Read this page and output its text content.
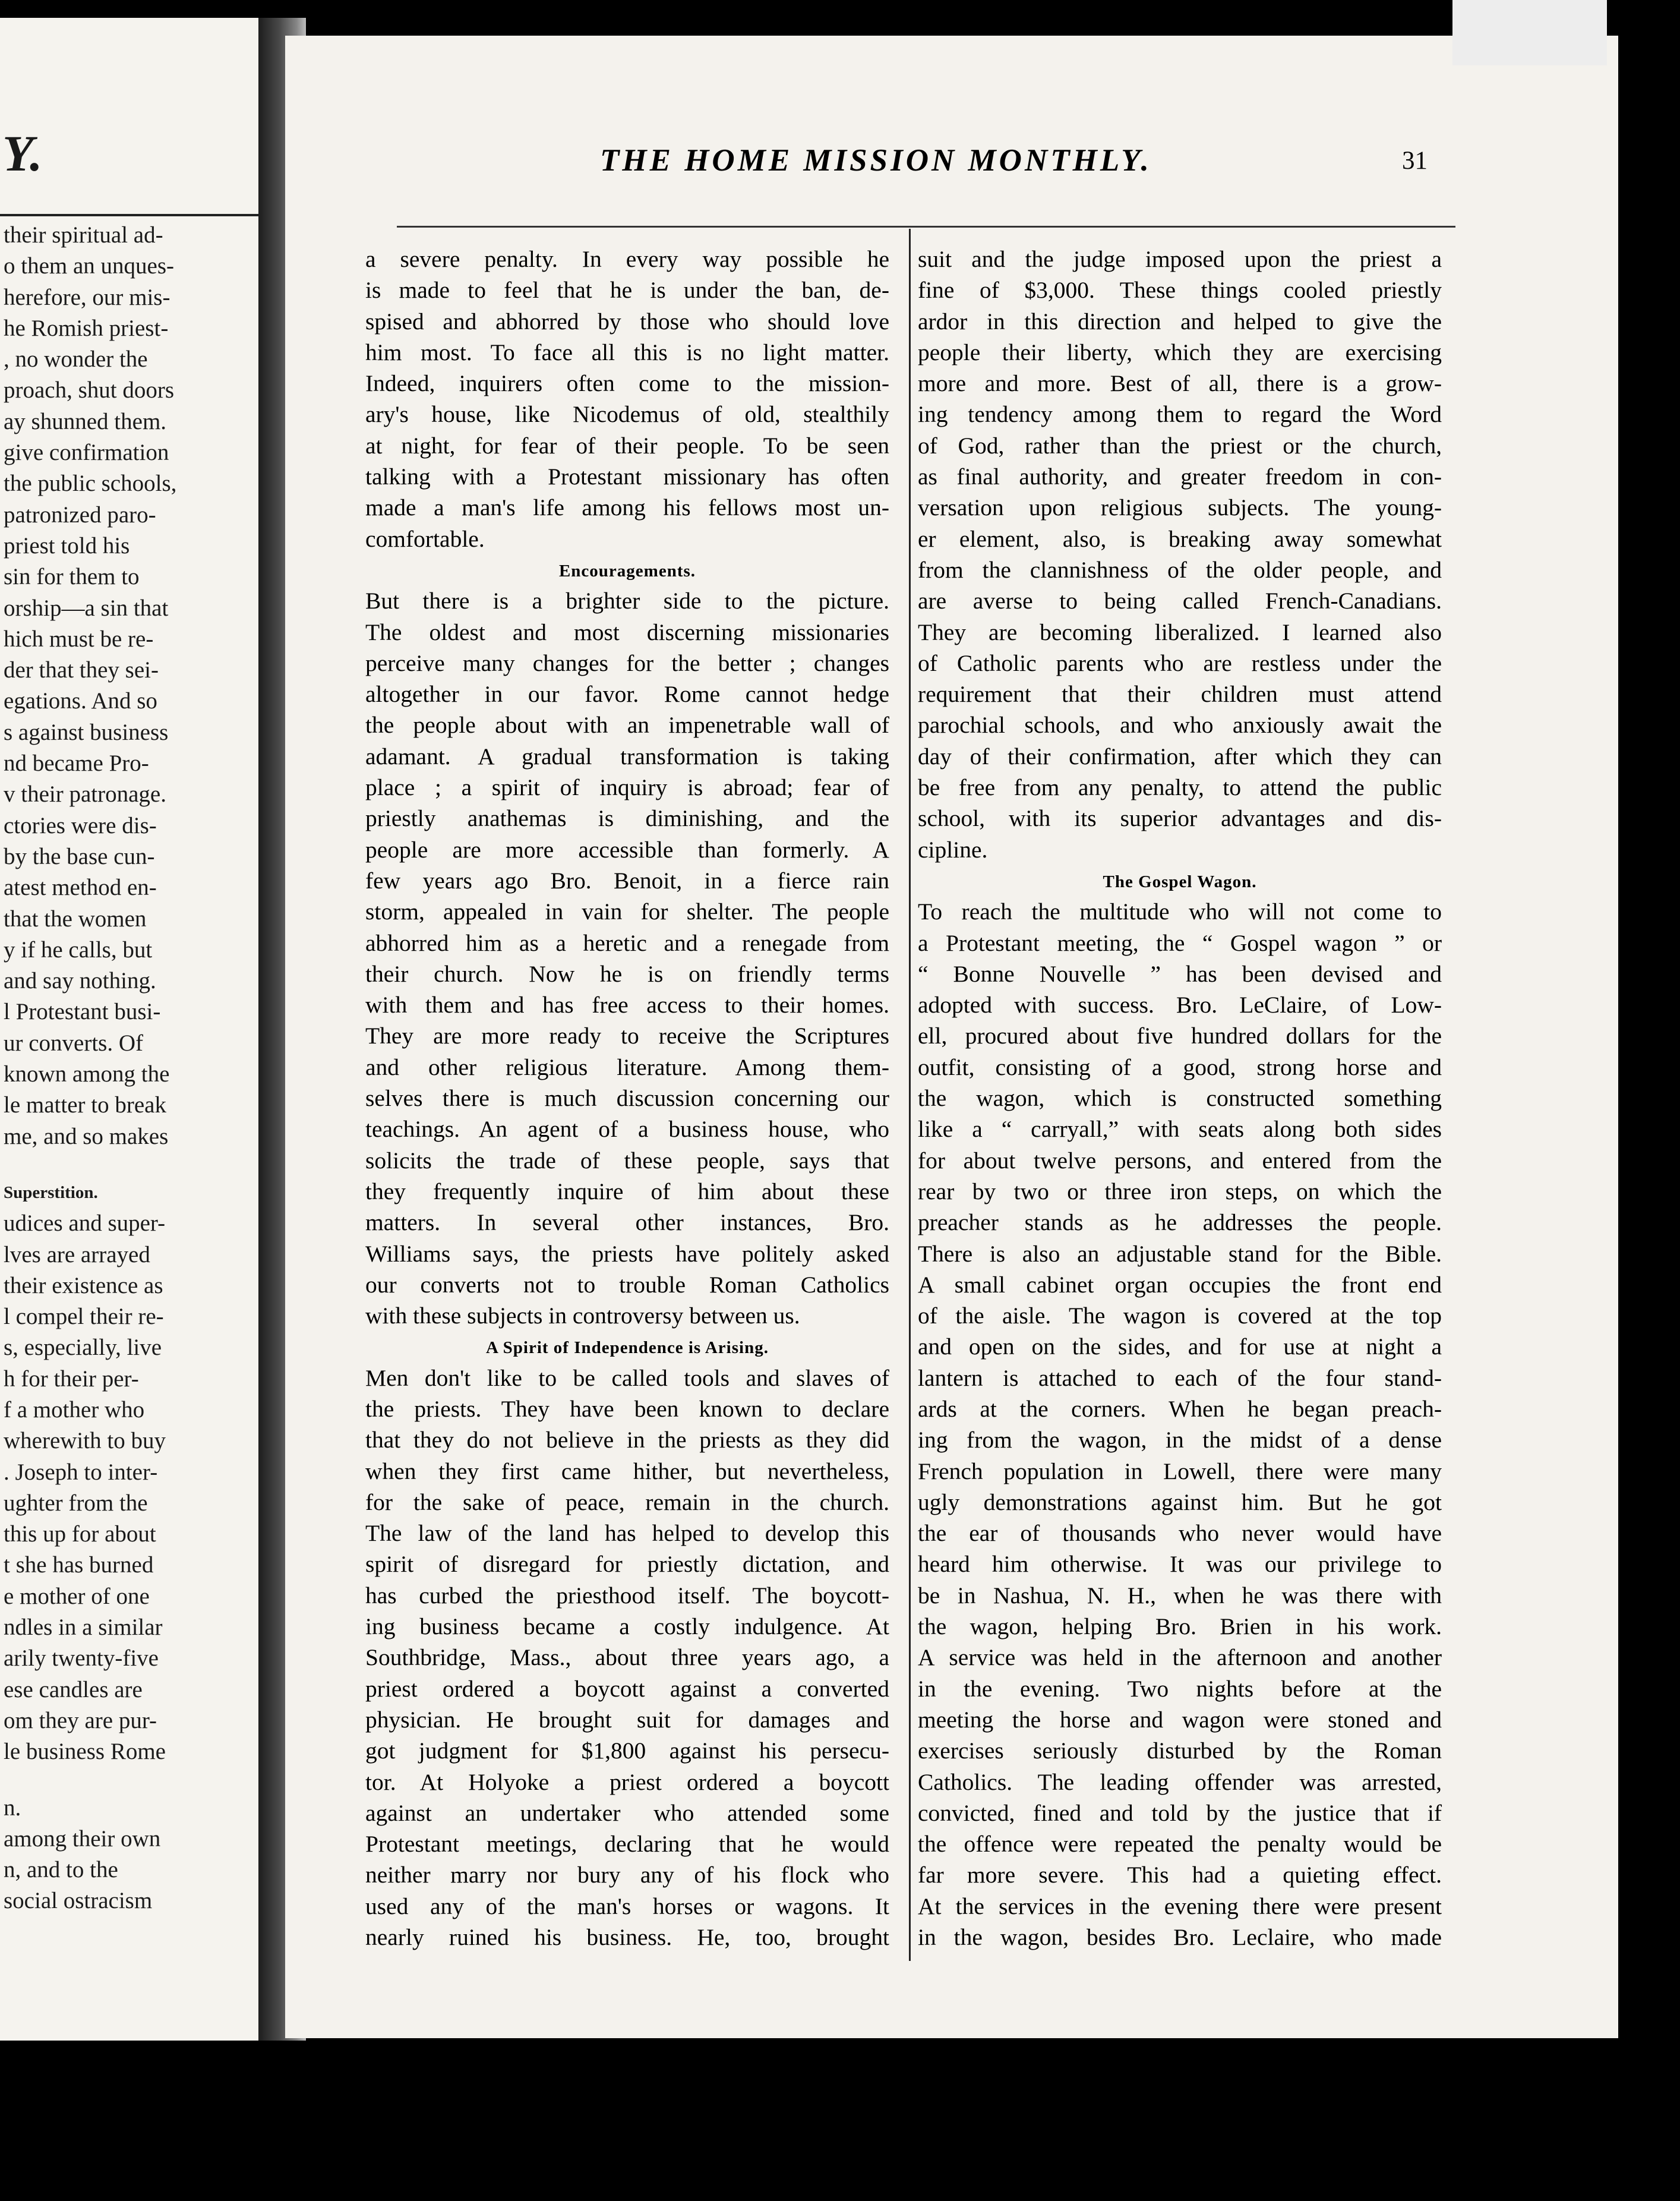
Y.
their spiritual ad-
o them an unques-
herefore, our mis-
he Romish priest-
, no wonder the
proach, shut doors
ay shunned them.
give confirmation
the public schools,
patronized paro-
priest told his
sin for them to
orship—a sin that
hich must be re-
der that they sei-
egations. And so
s against business
nd became Pro-
v their patronage.
ctories were dis-
by the base cun-
atest method en-
that the women
y if he calls, but
and say nothing.
l Protestant busi-
ur converts. Of
known among the
le matter to break
me, and so makes
Superstition.
udices and super-
lves are arrayed
their existence as
l compel their re-
s, especially, live
h for their per-
f a mother who
wherewith to buy
. Joseph to inter-
ughter from the
this up for about
t she has burned
e mother of one
ndles in a similar
arily twenty-five
ese candles are
om they are pur-
le business Rome
n.
among their own
n, and to the
social ostracism
THE HOME MISSION MONTHLY.	31

a severe penalty. In every way possible he

is made to feel that he is under the ban, de-

spised and abhorred by those who should love

him most. To face all this is no light matter.

Indeed, inquirers often come to the mission-

ary's house, like Nicodemus of old, stealthily

at night, for fear of their people. To be seen

talking with a Protestant missionary has often

made a man's life among his fellows most un-

comfortable.

Encouragements.

But there is a brighter side to the picture.

The oldest and most discerning missionaries

perceive many changes for the better ; changes

altogether in our favor. Rome cannot hedge

the people about with an impenetrable wall of

adamant. A gradual transformation is taking

place ; a spirit of inquiry is abroad; fear of

priestly anathemas is diminishing, and the

people are more accessible than formerly. A

few years ago Bro. Benoit, in a fierce rain

storm, appealed in vain for shelter. The people

abhorred him as a heretic and a renegade from

their church. Now he is on friendly terms

with them and has free access to their homes.

They are more ready to receive the Scriptures

and other religious literature. Among them-

selves there is much discussion concerning our

teachings. An agent of a business house, who

solicits the trade of these people, says that

they frequently inquire of him about these

matters. In several other instances, Bro.

Williams says, the priests have politely asked

our converts not to trouble Roman Catholics

with these subjects in controversy between us.

A Spirit of Independence is Arising.

Men don't like to be called tools and slaves of

the priests. They have been known to declare

that they do not believe in the priests as they did

when they first came hither, but nevertheless,

for the sake of peace, remain in the church.

The law of the land has helped to develop this

spirit of disregard for priestly dictation, and

has curbed the priesthood itself. The boycott-

ing business became a costly indulgence. At

Southbridge, Mass., about three years ago, a

priest ordered a boycott against a converted

physician. He brought suit for damages and

got judgment for $1,800 against his persecu-

tor. At Holyoke a priest ordered a boycott

against an undertaker who attended some

Protestant meetings, declaring that he would

neither marry nor bury any of his flock who

used any of the man's horses or wagons. It

nearly ruined his business. He, too, brought

suit and the judge imposed upon the priest a

fine of $3,000. These things cooled priestly

ardor in this direction and helped to give the

people their liberty, which they are exercising

more and more. Best of all, there is a grow-

ing tendency among them to regard the Word

of God, rather than the priest or the church,

as final authority, and greater freedom in con-

versation upon religious subjects. The young-

er element, also, is breaking away somewhat

from the clannishness of the older people, and

are averse to being called French-Canadians.

They are becoming liberalized. I learned also

of Catholic parents who are restless under the

requirement that their children must attend

parochial schools, and who anxiously await the

day of their confirmation, after which they can

be free from any penalty, to attend the public

school, with its superior advantages and dis-

cipline.

The Gospel Wagon.

To reach the multitude who will not come to

a Protestant meeting, the “ Gospel wagon ” or

“ Bonne Nouvelle ” has been devised and

adopted with success. Bro. LeClaire, of Low-

ell, procured about five hundred dollars for the

outfit, consisting of a good, strong horse and

the wagon, which is constructed something

like a “ carryall,” with seats along both sides

for about twelve persons, and entered from the

rear by two or three iron steps, on which the

preacher stands as he addresses the people.

There is also an adjustable stand for the Bible.

A small cabinet organ occupies the front end

of the aisle. The wagon is covered at the top

and open on the sides, and for use at night a

lantern is attached to each of the four stand-

ards at the corners. When he began preach-

ing from the wagon, in the midst of a dense

French population in Lowell, there were many

ugly demonstrations against him. But he got

the ear of thousands who never would have

heard him otherwise. It was our privilege to

be in Nashua, N. H., when he was there with

the wagon, helping Bro. Brien in his work.

A service was held in the afternoon and another

in the evening. Two nights before at the

meeting the horse and wagon were stoned and

exercises seriously disturbed by the Roman

Catholics. The leading offender was arrested,

convicted, fined and told by the justice that if

the offence were repeated the penalty would be

far more severe. This had a quieting effect.

At the services in the evening there were present

in the wagon, besides Bro. Leclaire, who made
